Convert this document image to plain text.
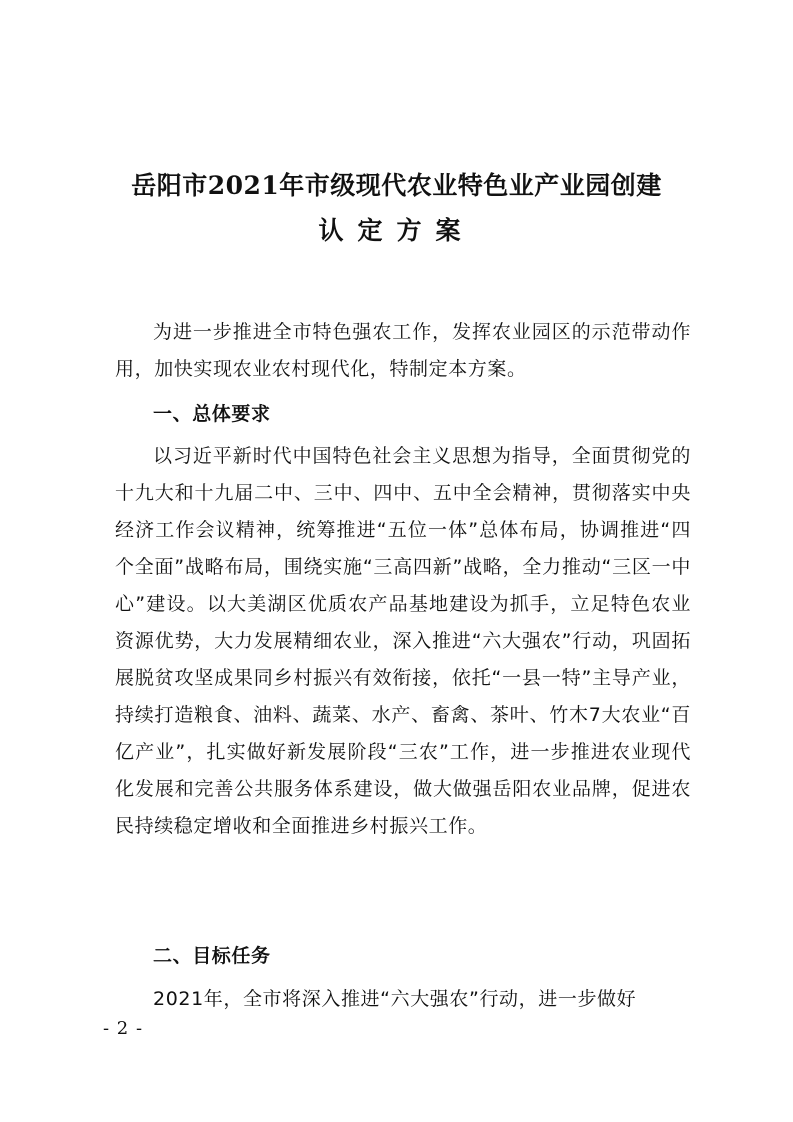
岳阳市2021年市级现代农业特色业产业园创建
认定方案

为进一步推进全市特色强农工作，发挥农业园区的示范带动作用，加快实现农业农村现代化，特制定本方案。

一、总体要求

以习近平新时代中国特色社会主义思想为指导，全面贯彻党的十九大和十九届二中、三中、四中、五中全会精神，贯彻落实中央经济工作会议精神，统筹推进“五位一体”总体布局，协调推进“四个全面”战略布局，围绕实施“三高四新”战略，全力推动“三区一中心”建设。以大美湖区优质农产品基地建设为抓手，立足特色农业资源优势，大力发展精细农业，深入推进“六大强农”行动，巩固拓展脱贫攻坚成果同乡村振兴有效衔接，依托“一县一特”主导产业，持续打造粮食、油料、蔬菜、水产、畜禽、茶叶、竹木7大农业“百亿产业”，扎实做好新发展阶段“三农”工作，进一步推进农业现代化发展和完善公共服务体系建设，做大做强岳阳农业品牌，促进农民持续稳定增收和全面推进乡村振兴工作。

二、目标任务

2021年，全市将深入推进“六大强农”行动，进一步做好

- 2 -
